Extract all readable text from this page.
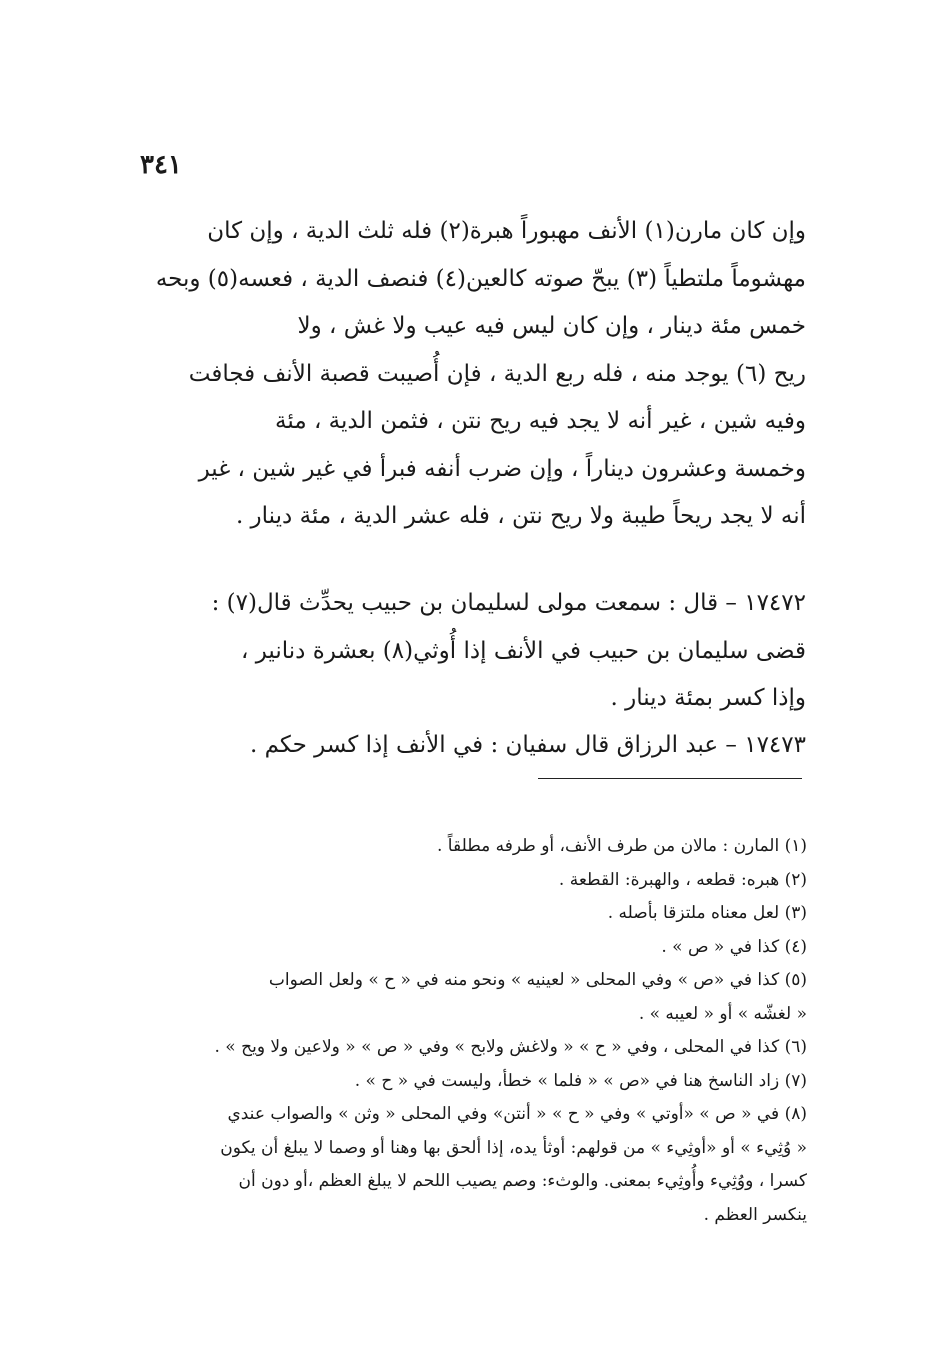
٣٤١
وإن كان مارن(١) الأنف مهبوراً هبرة(٢) فله ثلث الدية ، وإن كان
مهشوماً ملتطياً (٣) يبحّ صوته كالعين(٤) فنصف الدية ، فعسه(٥) وبحه
خمس مئة دينار ، وإن كان ليس فيه عيب ولا غش ، ولا
ريح (٦) يوجد منه ، فله ربع الدية ، فإن أُصيبت قصبة الأنف فجافت
وفيه شين ، غير أنه لا يجد فيه ريح نتن ، فثمن الدية ، مئة
وخمسة وعشرون ديناراً ، وإن ضرب أنفه فبرأ في غير شين ، غير
أنه لا يجد ريحاً طيبة ولا ريح نتن ، فله عشر الدية ، مئة دينار .
١٧٤٧٢ – قال : سمعت مولى لسليمان بن حبيب يحدِّث قال(٧) :
قضى سليمان بن حبيب في الأنف إذا أُوثي(٨) بعشرة دنانير ،
وإذا كسر بمئة دينار .
١٧٤٧٣ – عبد الرزاق قال سفيان : في الأنف إذا كسر حكم .
(١) المارن : مالان من طرف الأنف، أو طرفه مطلقاً .
(٢) هبره: قطعه ، والهبرة: القطعة .
(٣) لعل معناه ملتزقا بأصله .
(٤) كذا في « ص » .
(٥) كذا في «ص » وفي المحلى « لعينيه » ونحو منه في « ح » ولعل الصواب
« لغشّه » أو « لعيبه » .
(٦) كذا في المحلى ، وفي « ح » « ولاغش ولابح » وفي « ص » « ولاعين ولا ويح » .
(٧) زاد الناسخ هنا في «ص » « فلما » خطأ، وليست في « ح » .
(٨) في « ص » «أوتي » وفي « ح » « أنتن» وفي المحلى « وثن » والصواب عندي
« وُثِيء » أو «أوثِيء » من قولهم: أوثأ يده، إذا ألحق بها وهنا أو وصما لا يبلغ أن يكون
كسرا ، ووُثِيء وأُوثِيء بمعنى. والوثء: وصم يصيب اللحم لا يبلغ العظم ،أو دون أن
ينكسر العظم .
